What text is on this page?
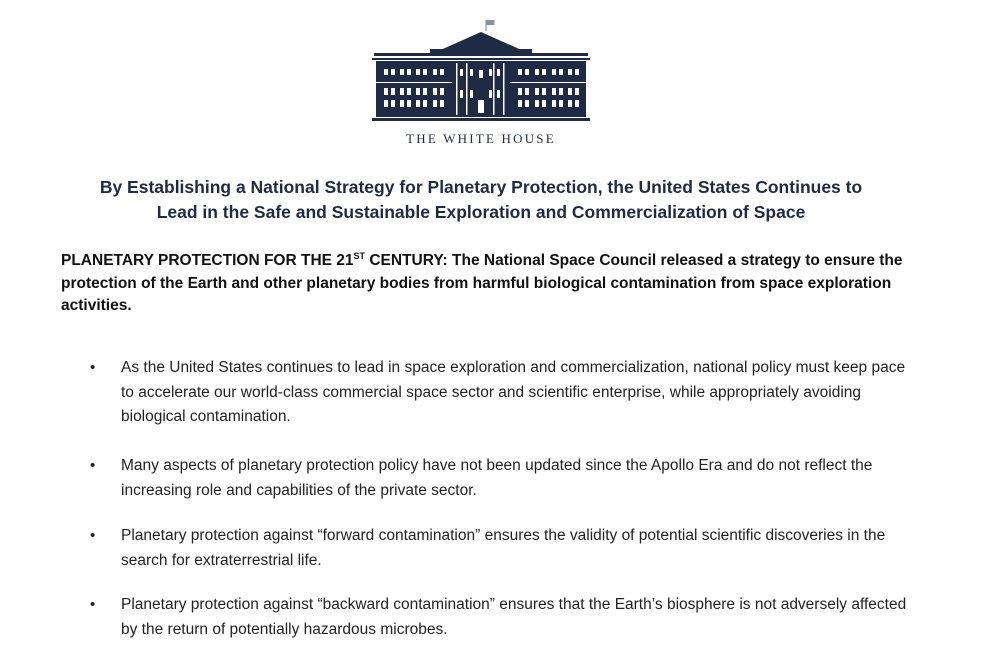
THE WHITE HOUSE
By Establishing a National Strategy for Planetary Protection, the United States Continues to
Lead in the Safe and Sustainable Exploration and Commercialization of Space
PLANETARY PROTECTION FOR THE 21ST CENTURY: The National Space Council released a strategy to ensure the protection of the Earth and other planetary bodies from harmful biological contamination from space exploration activities.
• As the United States continues to lead in space exploration and commercialization, national policy must keep pace to accelerate our world-class commercial space sector and scientific enterprise, while appropriately avoiding biological contamination.
• Many aspects of planetary protection policy have not been updated since the Apollo Era and do not reflect the increasing role and capabilities of the private sector.
• Planetary protection against “forward contamination” ensures the validity of potential scientific discoveries in the search for extraterrestrial life.
• Planetary protection against “backward contamination” ensures that the Earth’s biosphere is not adversely affected by the return of potentially hazardous microbes.
